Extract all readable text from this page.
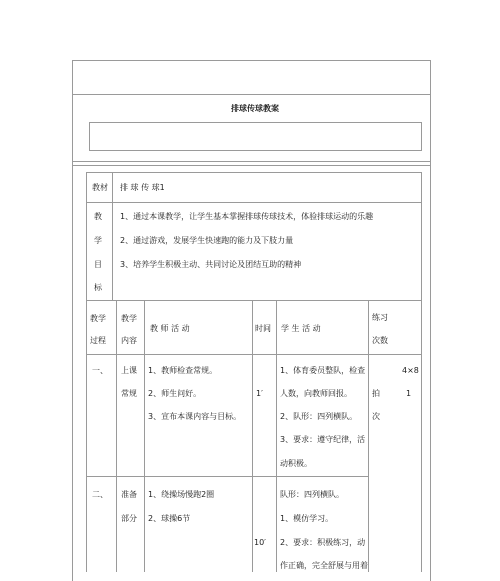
排球传球教案
教材 排 球 传 球1
教
学
目
标
1、通过本课教学，让学生基本掌握排球传球技术，体验排球运动的乐趣
2、通过游戏，发展学生快速跑的能力及下肢力量
3、培养学生积极主动、共同讨论及团结互助的精神
教学
过程
教学
内容
教 师 活 动	时间 学 生 活 动
练习
次数
一、 上课
常规
1、教师检查常规。
2、师生问好。
3、宣布本课内容与目标。
1′
1、体育委员整队，检查
人数，向教师回报。
2、队形：四列横队。
3、要求：遵守纪律，活
动积极。
4×8
拍	1
次
二、 准备
部分
1、绕操场慢跑2圈
2、球操6节
10′
队形：四列横队。
1、模仿学习。
2、要求：积极练习，动
作正确，完全舒展与用着
